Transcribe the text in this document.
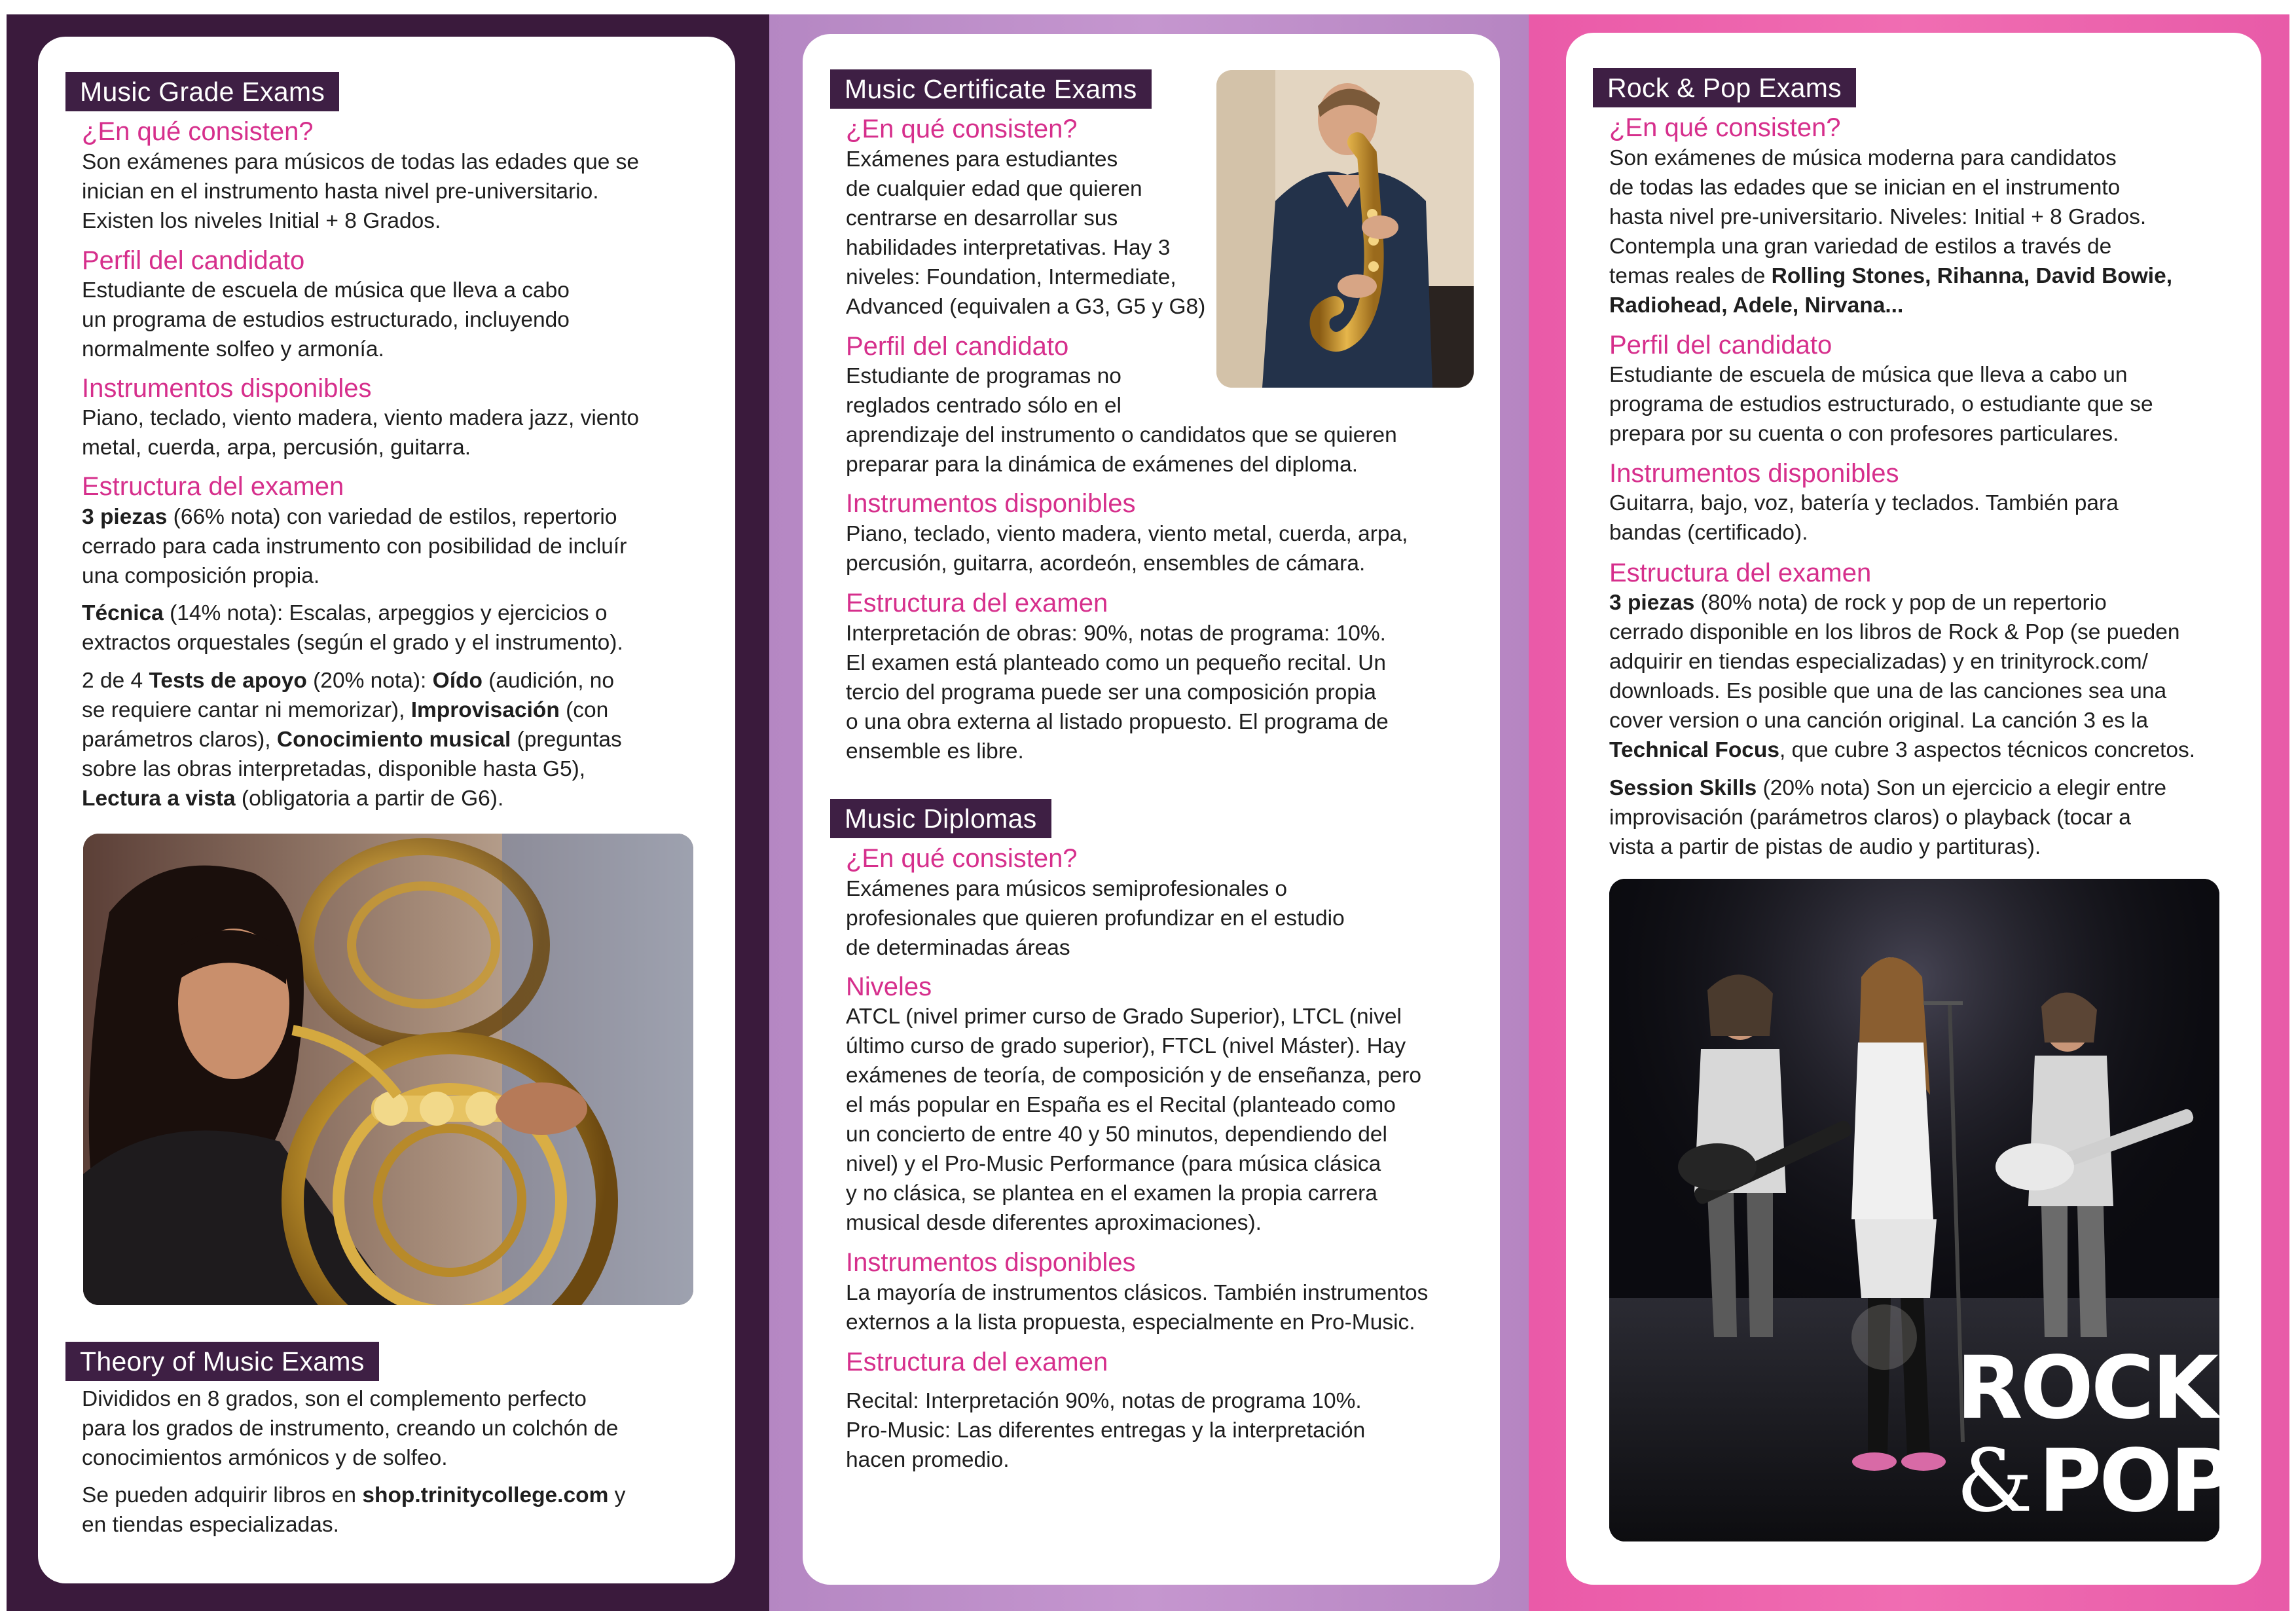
Music Grade Exams
¿En qué consisten?
Son exámenes para músicos de todas las edades que se
inician en el instrumento hasta nivel pre-universitario.
Existen los niveles Initial + 8 Grados.
Perfil del candidato
Estudiante de escuela de música que lleva a cabo
un programa de estudios estructurado, incluyendo
normalmente solfeo y armonía.
Instrumentos disponibles
Piano, teclado, viento madera, viento madera jazz, viento
metal, cuerda, arpa, percusión, guitarra.
Estructura del examen
3 piezas (66% nota) con variedad de estilos, repertorio
cerrado para cada instrumento con posibilidad de incluír
una composición propia.
Técnica (14% nota): Escalas, arpeggios y ejercicios o
extractos orquestales (según el grado y el instrumento).
2 de 4 Tests de apoyo (20% nota): Oído (audición, no
se requiere cantar ni memorizar), Improvisación (con
parámetros claros), Conocimiento musical (preguntas
sobre las obras interpretadas, disponible hasta G5),
Lectura a vista (obligatoria a partir de G6).
Theory of Music Exams
Divididos en 8 grados, son el complemento perfecto
para los grados de instrumento, creando un colchón de
conocimientos armónicos y de solfeo.
Se pueden adquirir libros en shop.trinitycollege.com y
en tiendas especializadas.
Music Certificate Exams
¿En qué consisten?
Exámenes para estudiantes
de cualquier edad que quieren
centrarse en desarrollar sus
habilidades interpretativas. Hay 3
niveles: Foundation, Intermediate,
Advanced (equivalen a G3, G5 y G8)
Perfil del candidato
Estudiante de programas no
reglados centrado sólo en el
aprendizaje del instrumento o candidatos que se quieren
preparar para la dinámica de exámenes del diploma.
Instrumentos disponibles
Piano, teclado, viento madera, viento metal, cuerda, arpa,
percusión, guitarra, acordeón, ensembles de cámara.
Estructura del examen
Interpretación de obras: 90%, notas de programa: 10%.
El examen está planteado como un pequeño recital. Un
tercio del programa puede ser una composición propia
o una obra externa al listado propuesto. El programa de
ensemble es libre.
Music Diplomas
¿En qué consisten?
Exámenes para músicos semiprofesionales o
profesionales que quieren profundizar en el estudio
de determinadas áreas
Niveles
ATCL (nivel primer curso de Grado Superior), LTCL (nivel
último curso de grado superior), FTCL (nivel Máster). Hay
exámenes de teoría, de composición y de enseñanza, pero
el más popular en España es el Recital (planteado como
un concierto de entre 40 y 50 minutos, dependiendo del
nivel) y el Pro-Music Performance (para música clásica
y no clásica, se plantea en el examen la propia carrera
musical desde diferentes aproximaciones).
Instrumentos disponibles
La mayoría de instrumentos clásicos. También instrumentos
externos a la lista propuesta, especialmente en Pro-Music.
Estructura del examen
Recital: Interpretación 90%, notas de programa 10%.
Pro-Music: Las diferentes entregas y la interpretación
hacen promedio.
Rock & Pop Exams
¿En qué consisten?
Son exámenes de música moderna para candidatos
de todas las edades que se inician en el instrumento
hasta nivel pre-universitario. Niveles: Initial + 8 Grados.
Contempla una gran variedad de estilos a través de
temas reales de Rolling Stones, Rihanna, David Bowie,
Radiohead, Adele, Nirvana...
Perfil del candidato
Estudiante de escuela de música que lleva a cabo un
programa de estudios estructurado, o estudiante que se
prepara por su cuenta o con profesores particulares.
Instrumentos disponibles
Guitarra, bajo, voz, batería y teclados. También para
bandas (certificado).
Estructura del examen
3 piezas (80% nota) de rock y pop de un repertorio
cerrado disponible en los libros de Rock & Pop (se pueden
adquirir en tiendas especializadas) y en trinityrock.com/
downloads. Es posible que una de las canciones sea una
cover version o una canción original. La canción 3 es la
Technical Focus, que cubre 3 aspectos técnicos concretos.
Session Skills (20% nota) Son un ejercicio a elegir entre
improvisación (parámetros claros) o playback (tocar a
vista a partir de pistas de audio y partituras).
ROCK
&POP
